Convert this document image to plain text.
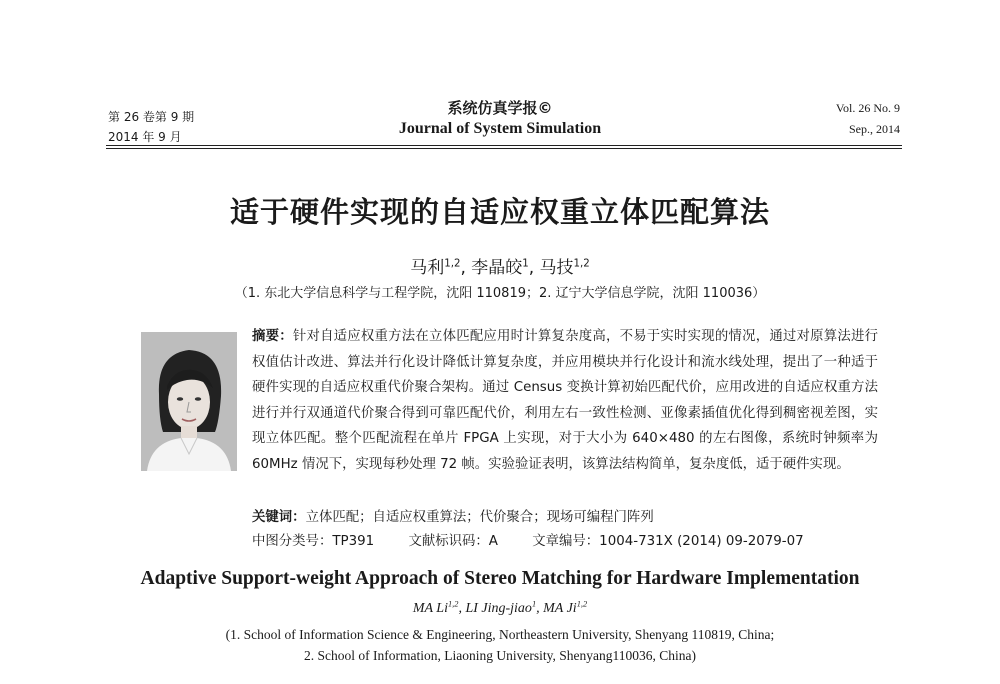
第 26 卷第 9 期
2014 年 9 月
系统仿真学报©
Journal of System Simulation
Vol. 26 No. 9
Sep., 2014
适于硬件实现的自适应权重立体匹配算法
马利$^{1,2}$, 李晶皎$^1$, 马技$^{1,2}$
（1. 东北大学信息科学与工程学院，沈阳 110819；2. 辽宁大学信息学院，沈阳 110036）
摘要：针对自适应权重方法在立体匹配应用时计算复杂度高，不易于实时实现的情况，通过对原算法进行权值估计改进、算法并行化设计降低计算复杂度，并应用模块并行化设计和流水线处理，提出了一种适于硬件实现的自适应权重代价聚合架构。通过 Census 变换计算初始匹配代价，应用改进的自适应权重方法进行并行双通道代价聚合得到可靠匹配代价，利用左右一致性检测、亚像素插值优化得到稠密视差图，实现立体匹配。整个匹配流程在单片 FPGA 上实现，对于大小为 640×480 的左右图像，系统时钟频率为 60MHz 情况下，实现每秒处理 72 帧。实验验证表明，该算法结构简单，复杂度低，适于硬件实现。
关键词：立体匹配；自适应权重算法；代价聚合；现场可编程门阵列
中图分类号：TP391	文献标识码：A	文章编号：1004-731X (2014) 09-2079-07
Adaptive Support-weight Approach of Stereo Matching for Hardware Implementation
MA Li$^{1,2}$, LI Jing-jiao$^1$, MA Ji$^{1,2}$
(1. School of Information Science & Engineering, Northeastern University, Shenyang 110819, China;
2. School of Information, Liaoning University, Shenyang110036, China)
